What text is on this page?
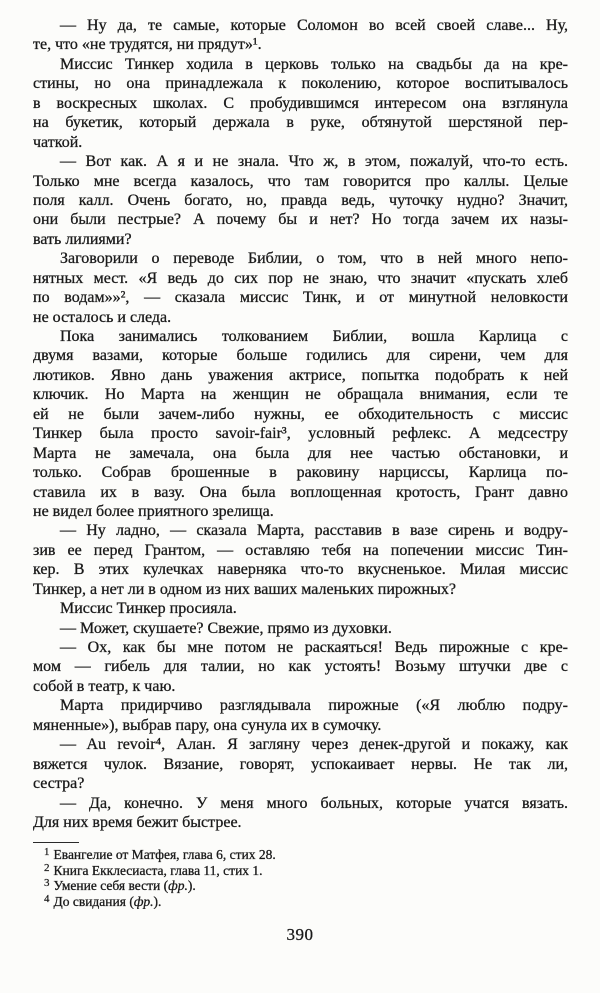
— Ну да, те самые, которые Соломон во всей своей славе... Ну,
те, что «не трудятся, ни прядут»¹.
Миссис Тинкер ходила в церковь только на свадьбы да на кре-
стины, но она принадлежала к поколению, которое воспитывалось
в воскресных школах. С пробудившимся интересом она взглянула
на букетик, который держала в руке, обтянутой шерстяной пер-
чаткой.
— Вот как. А я и не знала. Что ж, в этом, пожалуй, что-то есть.
Только мне всегда казалось, что там говорится про каллы. Целые
поля калл. Очень богато, но, правда ведь, чуточку нудно? Значит,
они были пестрые? А почему бы и нет? Но тогда зачем их назы-
вать лилиями?
Заговорили о переводе Библии, о том, что в ней много непо-
нятных мест. «Я ведь до сих пор не знаю, что значит «пускать хлеб
по водам»»², — сказала миссис Тинк, и от минутной неловкости
не осталось и следа.
Пока занимались толкованием Библии, вошла Карлица с
двумя вазами, которые больше годились для сирени, чем для
лютиков. Явно дань уважения актрисе, попытка подобрать к ней
ключик. Но Марта на женщин не обращала внимания, если те
ей не были зачем-либо нужны, ее обходительность с миссис
Тинкер была просто savoir-fair³, условный рефлекс. А медсестру
Марта не замечала, она была для нее частью обстановки, и
только. Собрав брошенные в раковину нарциссы, Карлица по-
ставила их в вазу. Она была воплощенная кротость, Грант давно
не видел более приятного зрелища.
— Ну ладно, — сказала Марта, расставив в вазе сирень и водру-
зив ее перед Грантом, — оставляю тебя на попечении миссис Тин-
кер. В этих кулечках наверняка что-то вкусненькое. Милая миссис
Тинкер, а нет ли в одном из них ваших маленьких пирожных?
Миссис Тинкер просияла.
— Может, скушаете? Свежие, прямо из духовки.
— Ох, как бы мне потом не раскаяться! Ведь пирожные с кре-
мом — гибель для талии, но как устоять! Возьму штучки две с
собой в театр, к чаю.
Марта придирчиво разглядывала пирожные («Я люблю подру-
мяненные»), выбрав пару, она сунула их в сумочку.
— Au revoir⁴, Алан. Я загляну через денек-другой и покажу, как
вяжется чулок. Вязание, говорят, успокаивает нервы. Не так ли,
сестра?
— Да, конечно. У меня много больных, которые учатся вязать.
Для них время бежит быстрее.
$^1$ Евангелие от Матфея, глава 6, стих 28.
$^2$ Книга Екклесиаста, глава 11, стих 1.
$^3$ Умение себя вести (фр.).
$^4$ До свидания (фр.).
390
